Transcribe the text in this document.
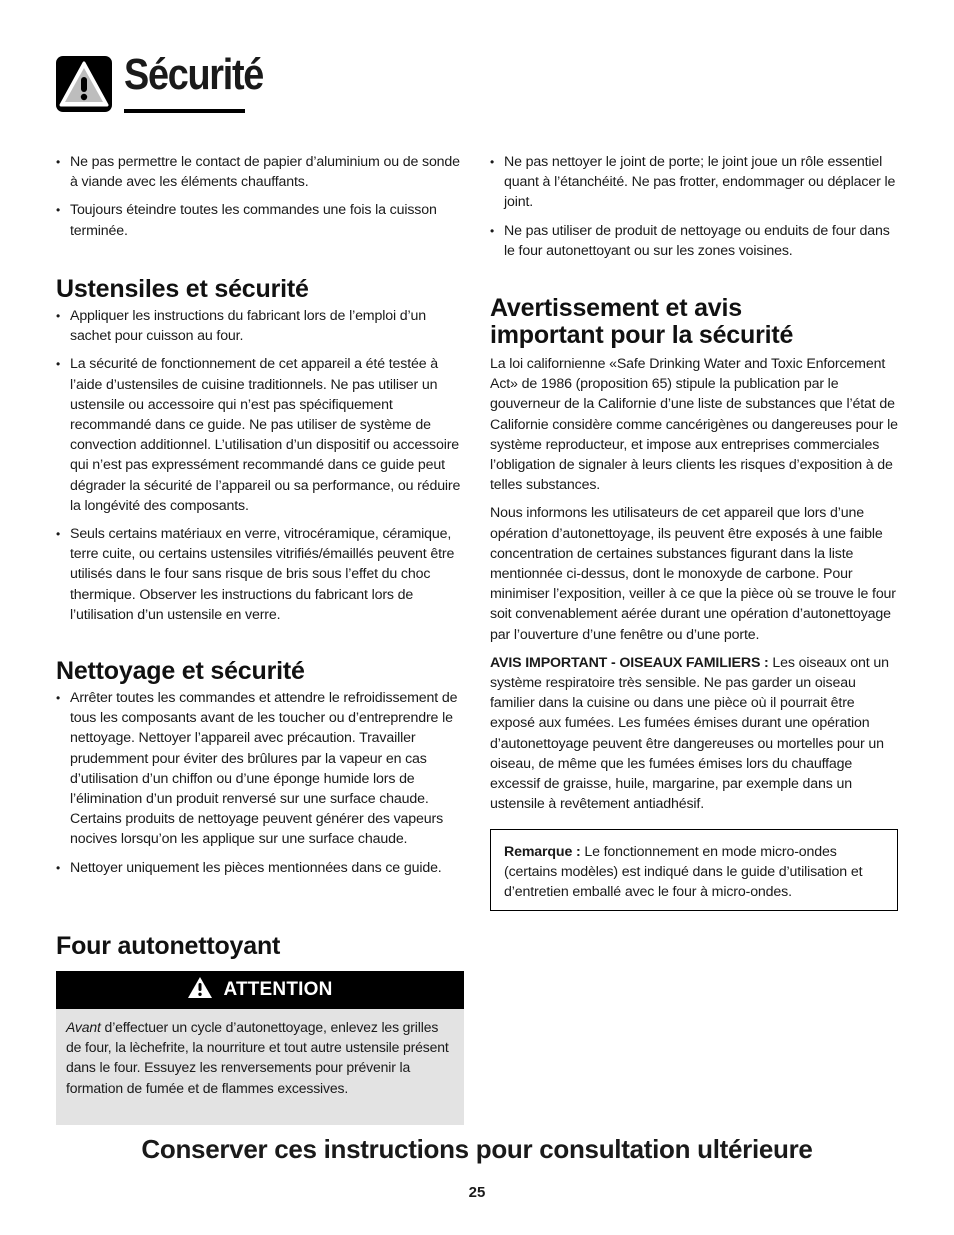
Sécurité
• Ne pas permettre le contact de papier d’aluminium ou de sonde à viande avec les éléments chauffants.
• Toujours éteindre toutes les commandes une fois la cuisson terminée.
Ustensiles et sécurité
• Appliquer les instructions du fabricant lors de l’emploi d’un sachet pour cuisson au four.
• La sécurité de fonctionnement de cet appareil a été testée à l’aide d’ustensiles de cuisine traditionnels. Ne pas utiliser un ustensile ou accessoire qui n’est pas spécifiquement recommandé dans ce guide. Ne pas utiliser de système de convection additionnel. L’utilisation d’un dispositif ou accessoire qui n’est pas expressément recommandé dans ce guide peut dégrader la sécurité de l’appareil ou sa performance, ou réduire la longévité des composants.
• Seuls certains matériaux en verre, vitrocéramique, céramique, terre cuite, ou certains ustensiles vitrifiés/émaillés peuvent être utilisés dans le four sans risque de bris sous l’effet du choc thermique. Observer les instructions du fabricant lors de l’utilisation d’un ustensile en verre.
Nettoyage et sécurité
• Arrêter toutes les commandes et attendre le refroidissement de tous les composants avant de les toucher ou d’entreprendre le nettoyage. Nettoyer l’appareil avec précaution. Travailler prudemment pour éviter des brûlures par la vapeur en cas d’utilisation d’un chiffon ou d’une éponge humide lors de l’élimination d’un produit renversé sur une surface chaude. Certains produits de nettoyage peuvent générer des vapeurs nocives lorsqu’on les applique sur une surface chaude.
• Nettoyer uniquement les pièces mentionnées dans ce guide.
Four autonettoyant
ATTENTION
Avant d’effectuer un cycle d’autonettoyage, enlevez les grilles de four, la lèchefrite, la nourriture et tout autre ustensile présent dans le four. Essuyez les renversements pour prévenir la formation de fumée et de flammes excessives.
• Ne pas nettoyer le joint de porte; le joint joue un rôle essentiel quant à l’étanchéité. Ne pas frotter, endommager ou déplacer le joint.
• Ne pas utiliser de produit de nettoyage ou enduits de four dans le four autonettoyant ou sur les zones voisines.
Avertissement et avis
important pour la sécurité

La loi californienne «Safe Drinking Water and Toxic Enforcement Act» de 1986 (proposition 65) stipule la publication par le gouverneur de la Californie d’une liste de substances que l’état de Californie considère comme cancérigènes ou dangereuses pour le système reproducteur, et impose aux entreprises commerciales l’obligation de signaler à leurs clients les risques d’exposition à de telles substances.

Nous informons les utilisateurs de cet appareil que lors d’une opération d’autonettoyage, ils peuvent être exposés à une faible concentration de certaines substances figurant dans la liste mentionnée ci-dessus, dont le monoxyde de carbone. Pour minimiser l’exposition, veiller à ce que la pièce où se trouve le four soit convenablement aérée durant une opération d’autonettoyage par l’ouverture d’une fenêtre ou d’une porte.

AVIS IMPORTANT - OISEAUX FAMILIERS : Les oiseaux ont un système respiratoire très sensible. Ne pas garder un oiseau familier dans la cuisine ou dans une pièce où il pourrait être exposé aux fumées. Les fumées émises durant une opération d’autonettoyage peuvent être dangereuses ou mortelles pour un oiseau, de même que les fumées émises lors du chauffage excessif de graisse, huile, margarine, par exemple dans un ustensile à revêtement antiadhésif.

Remarque : Le fonctionnement en mode micro-ondes (certains modèles) est indiqué dans le guide d’utilisation et d’entretien emballé avec le four à micro-ondes.
Conserver ces instructions pour consultation ultérieure
25
